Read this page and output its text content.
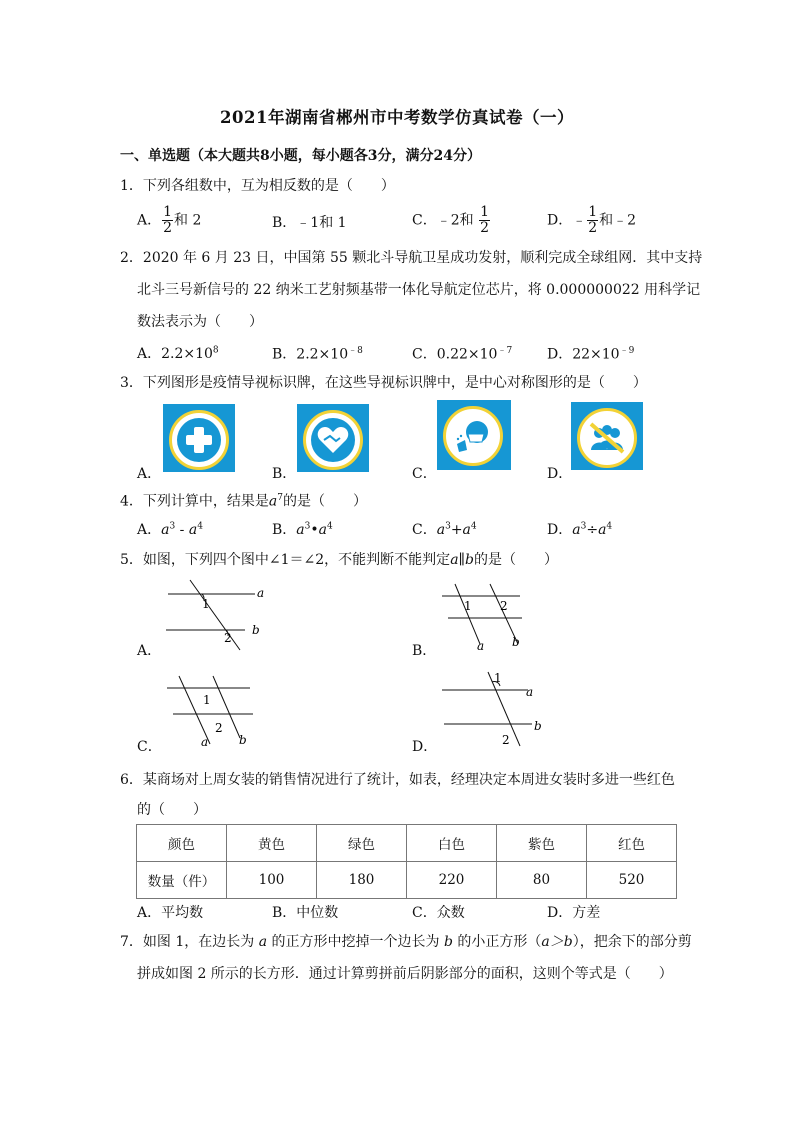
2021年湖南省郴州市中考数学仿真试卷（一）
一、单选题（本大题共8小题，每小题各3分，满分24分）
1．下列各组数中，互为相反数的是（　　）
A． $\frac{1}{2}$ 和 2	B．﹣1和 1	C．﹣2和 $\frac{1}{2}$	D．﹣ $\frac{1}{2}$ 和﹣2
2．2020 年 6 月 23 日，中国第 55 颗北斗导航卫星成功发射，顺利完成全球组网．其中支持
北斗三号新信号的 22 纳米工艺射频基带一体化导航定位芯片，将 0.000000022 用科学记
数法表示为（　　）
A．$2.2\times 10^8$	B．$2.2\times 10^{﹣8}$	C．$0.22\times 10^{﹣7}$ D．$22\times 10^{﹣9}$
3．下列图形是疫情导视标识牌，在这些导视标识牌中，是中心对称图形的是（　　）
A．	B．	C．	D．
4．下列计算中，结果是$a^7$的是（　　）
A．$a^3 - a^4$	B．$a^3•a^4$	C．$a^3+a^4$	D．$a^3\div a^4$
5．如图，下列四个图中∠1＝∠2，不能判断不能判定a∥b的是（　　）
1
2
a
b
A．
1 2
a b
B．
1
2
a	b
C．
1
2
a
b
D．
6．某商场对上周女装的销售情况进行了统计，如表，经理决定本周进女装时多进一些红色
的（　　）
颜色	黄色	绿色	白色	紫色	红色
数量（件）	100	180	220	80	520
A．平均数	B．中位数	C．众数	D．方差
7．如图 1，在边长为 a 的正方形中挖掉一个边长为 b 的小正方形（a＞b），把余下的部分剪
拼成如图 2 所示的长方形．通过计算剪拼前后阴影部分的面积，这则个等式是（　　）
